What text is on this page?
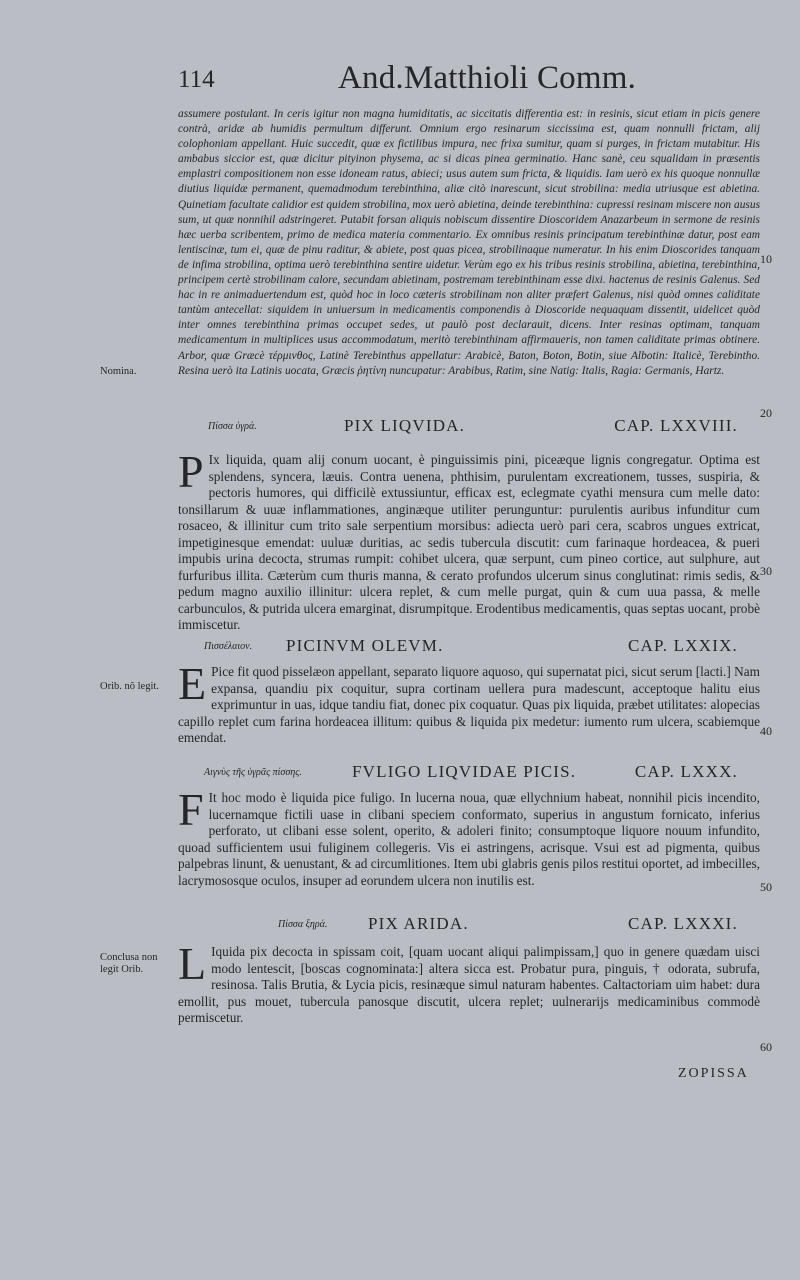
114	And.Matthioli Comm.

assumere postulant. In ceris igitur non magna humiditatis, ac siccitatis differentia est: in resinis, sicut etiam in picis genere contrà, aridæ ab humidis permultum differunt. Omnium ergo resinarum siccissima est, quam nonnulli frictam, alij colophoniam appellant. Huic succedit, quæ ex fictilibus impura, nec frixa sumitur, quam si purges, in frictam mutabitur. His ambabus siccior est, quæ dicitur pityinon physema, ac si dicas pinea germinatio. Hanc sanè, ceu squalidam in præsentis emplastri compositionem non esse idoneam ratus, abieci; usus autem sum fricta, & liquidis. Iam uerò ex his quoque nonnullæ diutius liquidæ permanent, quemadmodum terebinthina, aliæ citò inarescunt, sicut strobilina: media utriusque est abietina. Quinetiam facultate calidior est quidem strobilina, mox uerò abietina, deinde terebinthina: cupressi resinam miscere non ausus sum, ut quæ nonnihil adstringeret. Putabit forsan aliquis nobiscum dissentire Dioscoridem Anazarbeum in sermone de resinis hæc uerba scribentem, primo de medica materia commentario. Ex omnibus resinis principatum terebinthinæ datur, post eam lentiscinæ, tum ei, quæ de pinu raditur, & abiete, post quas picea, strobilinaque numeratur. In his enim Dioscorides tanquam de infima strobilina, optima uerò terebinthina sentire uidetur. Verùm ego ex his tribus resinis strobilina, abietina, terebinthina, principem certè strobilinam calore, secundam abietinam, postremam terebinthinam esse dixi. hactenus de resinis Galenus. Sed hac in re animaduertendum est, quòd hoc in loco cæteris strobilinam non aliter præfert Galenus, nisi quòd omnes caliditate tantùm antecellat: siquidem in uniuersum in medicamentis componendis à Dioscoride nequaquam dissentit, uidelicet quòd inter omnes terebinthina primas occupet sedes, ut paulò post declarauit, dicens. Inter resinas optimam, tanquam medicamentum in multiplices usus accommodatum, meritò terebinthinam affirmaueris, non tamen caliditate primas obtinere. Arbor, quæ Græcè τέρμινθος, Latinè Terebinthus appellatur: Arabicè, Baton, Boton, Botin, siue Albotin: Italicè, Terebintho. Resina uerò ita Latinis uocata, Græcis ῥητίνη nuncupatur: Arabibus, Ratim, sine Natig: Italis, Ragia: Germanis, Hartz.

Πίσσα ὑγρά.	PIX LIQVIDA.	CAP. LXXVIII.
P Ix liquida, quam alij conum uocant, è pinguissimis pini, piceæque lignis congregatur. Optima est splendens, syncera, læuis. Contra uenena, phthisim, purulentam excreationem, tusses, suspiria, & pectoris humores, qui difficilè extussiuntur, efficax est, eclegmate cyathi mensura cum melle dato: tonsillarum & uuæ inflammationes, anginæque utiliter perunguntur: purulentis auribus infunditur cum rosaceo, & illinitur cum trito sale serpentium morsibus: adiecta uerò pari cera, scabros ungues extricat, impetiginesque emendat: uuluæ duritias, ac sedis tubercula discutit: cum farinaque hordeacea, & pueri impubis urina decocta, strumas rumpit: cohibet ulcera, quæ serpunt, cum pineo cortice, aut sulphure, aut furfuribus illita. Cæterùm cum thuris manna, & cerato profundos ulcerum sinus conglutinat: rimis sedis, & pedum magno auxilio illinitur: ulcera replet, & cum melle purgat, quin & cum uua passa, & melle carbunculos, & putrida ulcera emarginat, disrumpitque. Erodentibus medicamentis, quas septas uocant, probè immiscetur.

Πισσέλαιον. PICINVM OLEVM.	CAP. LXXIX.
E Pice fit quod pisselæon appellant, separato liquore aquoso, qui supernatat pici, sicut serum [lacti.] Nam expansa, quandiu pix coquitur, supra cortinam uellera pura madescunt, acceptoque halitu eius exprimuntur in uas, idque tandiu fiat, donec pix coquatur. Quas pix liquida, præbet utilitates: alopecias capillo replet cum farina hordeacea illitum: quibus & liquida pix medetur: iumento rum ulcera, scabiemque emendat.

Αιγνὺς τῆς ὑγρᾶς πίσσης.	FVLIGO LIQVIDAE PICIS.	CAP. LXXX.
F It hoc modo è liquida pice fuligo. In lucerna noua, quæ ellychnium habeat, nonnihil picis incendito, lucernamque fictili uase in clibani speciem conformato, superius in angustum fornicato, inferius perforato, ut clibani esse solent, operito, & adoleri finito; consumptoque liquore nouum infundito, quoad sufficientem usui fuliginem collegeris. Vis ei astringens, acrisque. Vsui est ad pigmenta, quibus palpebras linunt, & uenustant, & ad circumlitiones. Item ubi glabris genis pilos restitui oportet, ad imbecilles, lacrymososque oculos, insuper ad eorundem ulcera non inutilis est.

Πίσσα ξηρά. PIX ARIDA.	CAP. LXXXI.
L Iquida pix decocta in spissam coit, [quam uocant aliqui palimpissam,] quo in genere quædam uisci modo lentescit, [boscas cognominata:] altera sicca est. Probatur pura, pinguis, † odorata, subrufa, resinosa. Talis Brutia, & Lycia picis, resinæque simul naturam habentes. Caltactoriam uim habet: dura emollit, pus mouet, tubercula panosque discutit, ulcera replet; uulnerarijs medicaminibus commodè permiscetur.

Nomina.
Orib. nõ legit.
Conclusa non legit Orib.
10
20
30
40
50
60
ZOPISSA
